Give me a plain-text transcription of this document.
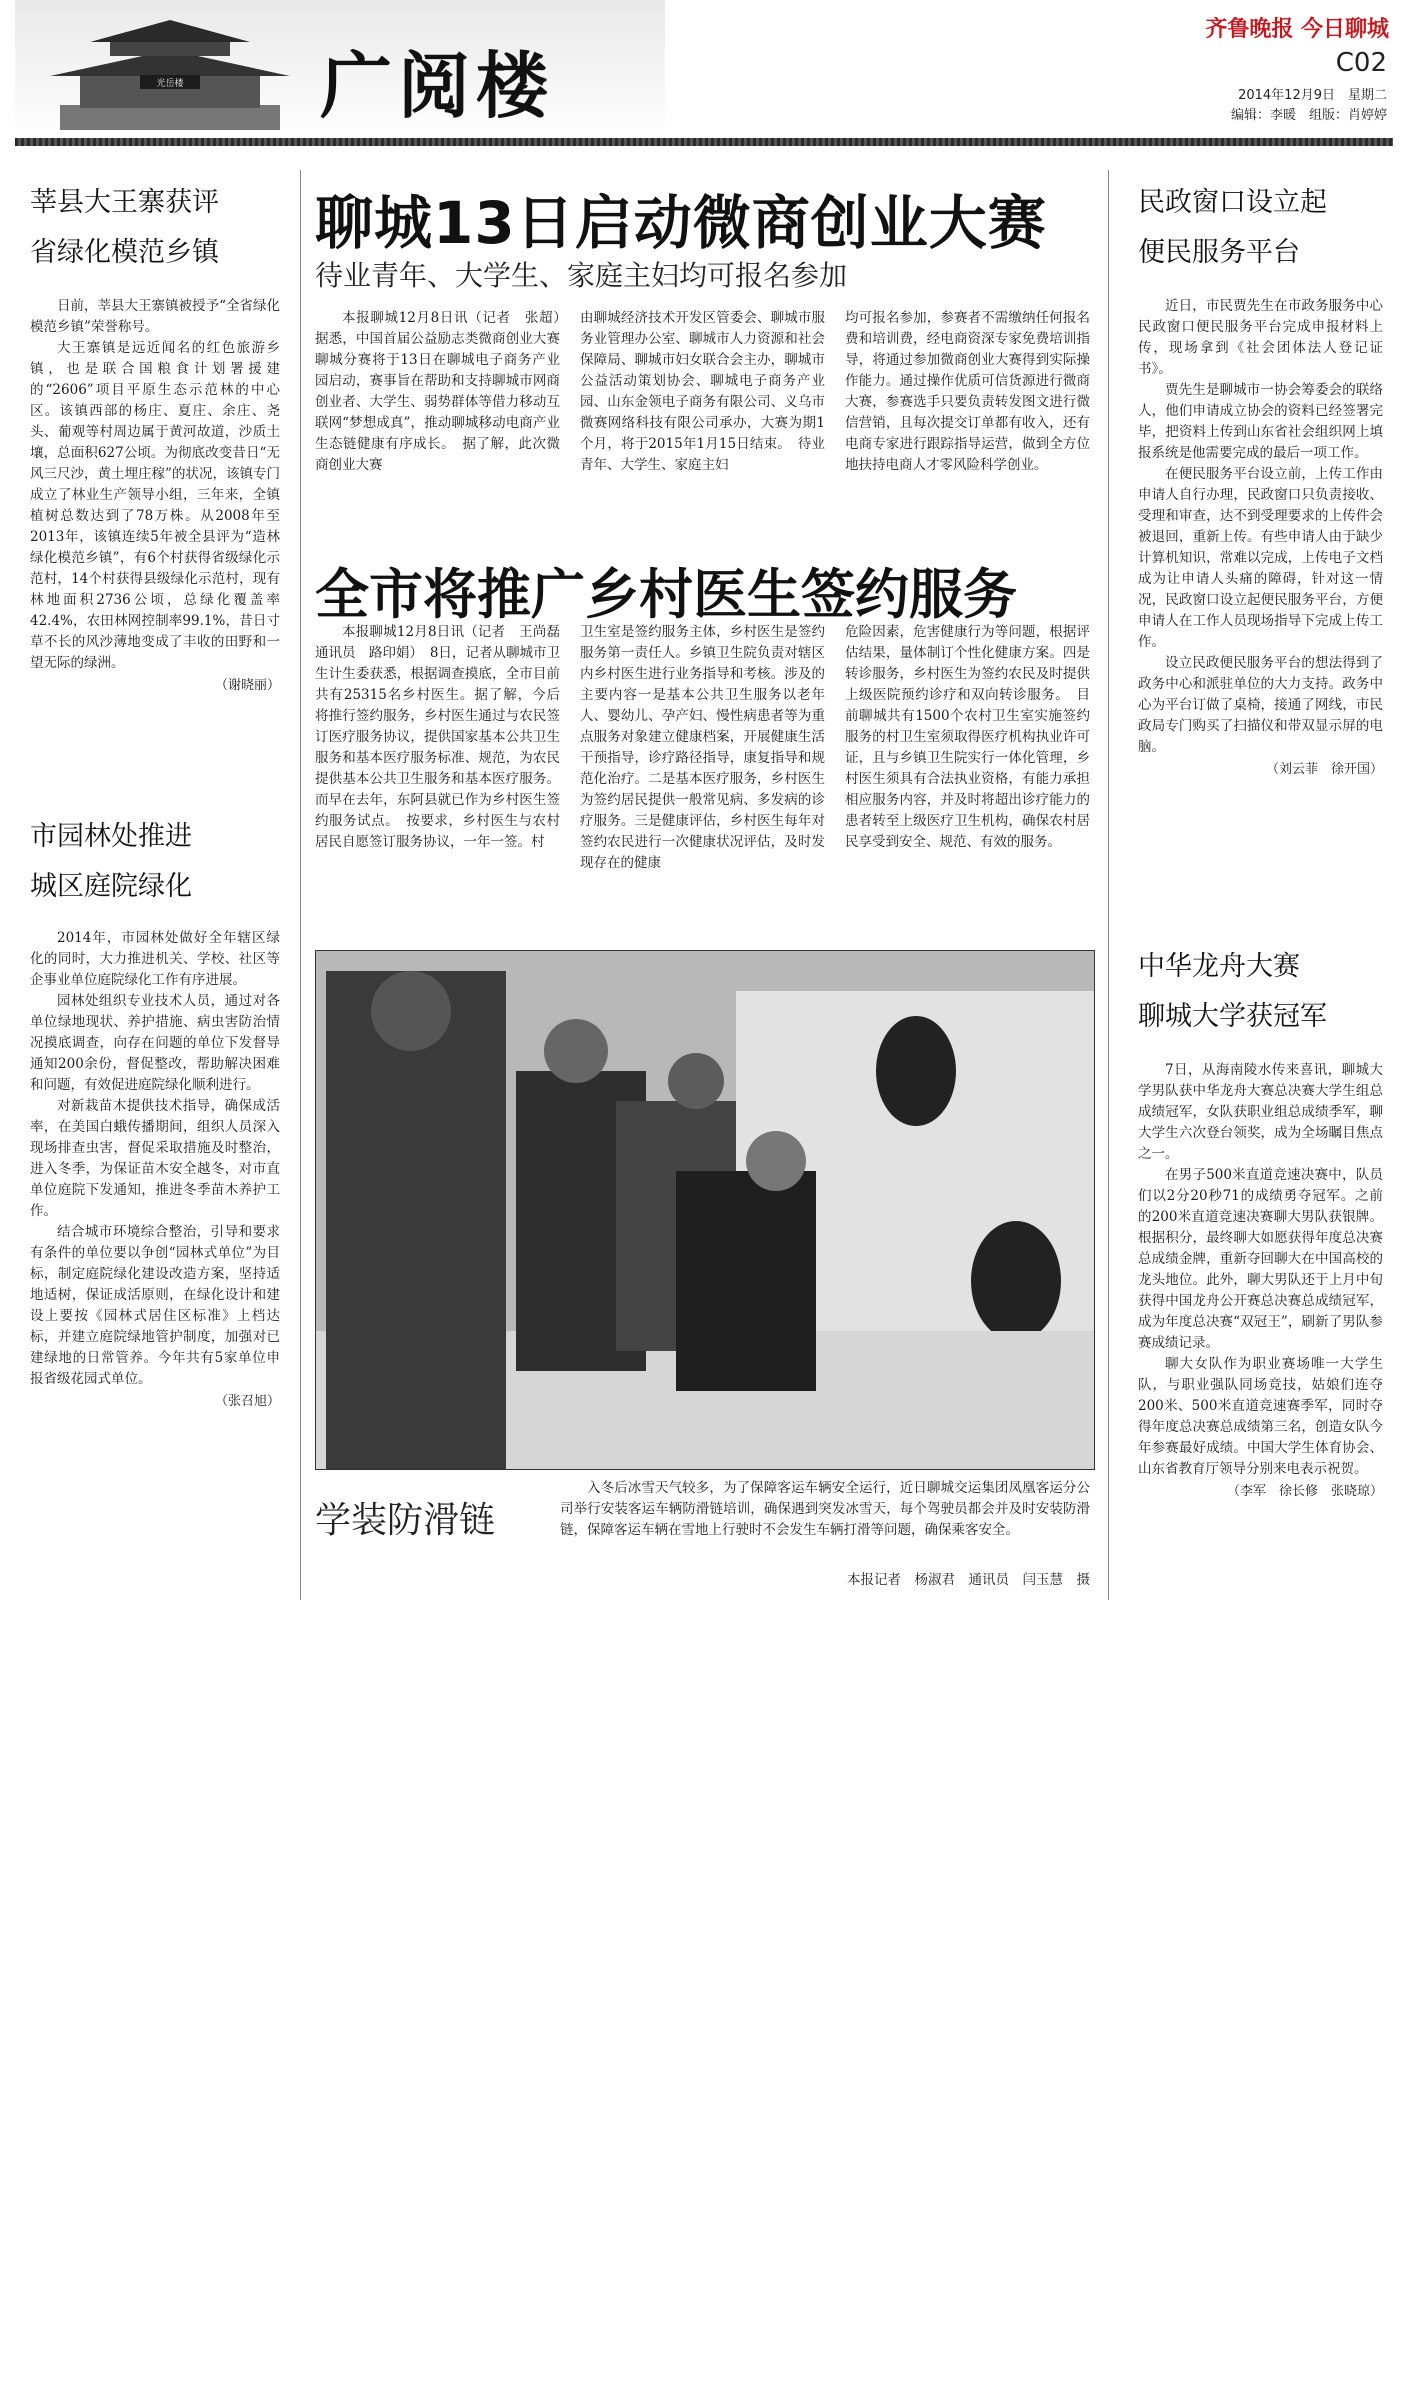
光岳楼 广阅楼
齐鲁晚报 今日聊城
C02
2014年12月9日　星期二
编辑：李暖　组版：肖婷婷
莘县大王寨获评
省绿化模范乡镇

日前，莘县大王寨镇被授予“全省绿化模范乡镇”荣誉称号。

大王寨镇是远近闻名的红色旅游乡镇，也是联合国粮食计划署援建的“2606”项目平原生态示范林的中心区。该镇西部的杨庄、夏庄、余庄、尧头、葡观等村周边属于黄河故道，沙质土壤，总面积627公顷。为彻底改变昔日“无风三尺沙，黄土埋庄稼”的状况，该镇专门成立了林业生产领导小组，三年来，全镇植树总数达到了78万株。从2008年至2013年，该镇连续5年被全县评为“造林绿化模范乡镇”，有6个村获得省级绿化示范村，14个村获得县级绿化示范村，现有林地面积2736公顷，总绿化覆盖率42.4%，农田林网控制率99.1%，昔日寸草不长的风沙薄地变成了丰收的田野和一望无际的绿洲。

（谢晓丽）
市园林处推进
城区庭院绿化

2014年，市园林处做好全年辖区绿化的同时，大力推进机关、学校、社区等企事业单位庭院绿化工作有序进展。

园林处组织专业技术人员，通过对各单位绿地现状、养护措施、病虫害防治情况摸底调查，向存在问题的单位下发督导通知200余份，督促整改，帮助解决困难和问题，有效促进庭院绿化顺利进行。

对新栽苗木提供技术指导，确保成活率，在美国白蛾传播期间，组织人员深入现场排查虫害，督促采取措施及时整治，进入冬季，为保证苗木安全越冬，对市直单位庭院下发通知，推进冬季苗木养护工作。

结合城市环境综合整治，引导和要求有条件的单位要以争创“园林式单位”为目标，制定庭院绿化建设改造方案，坚持适地适树，保证成活原则，在绿化设计和建设上要按《园林式居住区标准》上档达标，并建立庭院绿地管护制度，加强对已建绿地的日常管养。今年共有5家单位申报省级花园式单位。

（张召旭）
聊城13日启动微商创业大赛
待业青年、大学生、家庭主妇均可报名参加

本报聊城12月8日讯（记者　张超）　据悉，中国首届公益励志类微商创业大赛聊城分赛将于13日在聊城电子商务产业园启动，赛事旨在帮助和支持聊城市网商创业者、大学生、弱势群体等借力移动互联网“梦想成真”，推动聊城移动电商产业生态链健康有序成长。　据了解，此次微商创业大赛

由聊城经济技术开发区管委会、聊城市服务业管理办公室、聊城市人力资源和社会保障局、聊城市妇女联合会主办，聊城市公益活动策划协会、聊城电子商务产业园、山东金领电子商务有限公司、义乌市微赛网络科技有限公司承办，大赛为期1个月，将于2015年1月15日结束。　待业青年、大学生、家庭主妇

均可报名参加，参赛者不需缴纳任何报名费和培训费，经电商资深专家免费培训指导，将通过参加微商创业大赛得到实际操作能力。通过操作优质可信货源进行微商大赛，参赛选手只要负责转发图文进行微信营销，且每次提交订单都有收入，还有电商专家进行跟踪指导运营，做到全方位地扶持电商人才零风险科学创业。

全市将推广乡村医生签约服务

本报聊城12月8日讯（记者　王尚磊　通讯员　路印娟）　8日，记者从聊城市卫生计生委获悉，根据调查摸底，全市目前共有25315名乡村医生。据了解，今后将推行签约服务，乡村医生通过与农民签订医疗服务协议，提供国家基本公共卫生服务和基本医疗服务标准、规范，为农民提供基本公共卫生服务和基本医疗服务。而早在去年，东阿县就已作为乡村医生签约服务试点。　按要求，乡村医生与农村居民自愿签订服务协议，一年一签。村

卫生室是签约服务主体，乡村医生是签约服务第一责任人。乡镇卫生院负责对辖区内乡村医生进行业务指导和考核。涉及的主要内容一是基本公共卫生服务以老年人、婴幼儿、孕产妇、慢性病患者等为重点服务对象建立健康档案，开展健康生活干预指导，诊疗路径指导，康复指导和规范化治疗。二是基本医疗服务，乡村医生为签约居民提供一般常见病、多发病的诊疗服务。三是健康评估，乡村医生每年对签约农民进行一次健康状况评估，及时发现存在的健康

危险因素，危害健康行为等问题，根据评估结果，量体制订个性化健康方案。四是转诊服务，乡村医生为签约农民及时提供上级医院预约诊疗和双向转诊服务。　目前聊城共有1500个农村卫生室实施签约服务的村卫生室须取得医疗机构执业许可证，且与乡镇卫生院实行一体化管理，乡村医生须具有合法执业资格，有能力承担相应服务内容，并及时将超出诊疗能力的患者转至上级医疗卫生机构，确保农村居民享受到安全、规范、有效的服务。

学装防滑链
入冬后冰雪天气较多，为了保障客运车辆安全运行，近日聊城交运集团凤凰客运分公司举行安装客运车辆防滑链培训，确保遇到突发冰雪天，每个驾驶员都会并及时安装防滑链，保障客运车辆在雪地上行驶时不会发生车辆打滑等问题，确保乘客安全。
本报记者　杨淑君　通讯员　闫玉慧　摄
民政窗口设立起
便民服务平台

近日，市民贾先生在市政务服务中心民政窗口便民服务平台完成申报材料上传，现场拿到《社会团体法人登记证书》。

贾先生是聊城市一协会筹委会的联络人，他们申请成立协会的资料已经签署完毕，把资料上传到山东省社会组织网上填报系统是他需要完成的最后一项工作。

在便民服务平台设立前，上传工作由申请人自行办理，民政窗口只负责接收、受理和审查，达不到受理要求的上传件会被退回，重新上传。有些申请人由于缺少计算机知识，常难以完成，上传电子文档成为让申请人头痛的障碍，针对这一情况，民政窗口设立起便民服务平台，方便申请人在工作人员现场指导下完成上传工作。

设立民政便民服务平台的想法得到了政务中心和派驻单位的大力支持。政务中心为平台订做了桌椅，接通了网线，市民政局专门购买了扫描仪和带双显示屏的电脑。

（刘云菲　徐开国）
中华龙舟大赛
聊城大学获冠军

7日，从海南陵水传来喜讯，聊城大学男队获中华龙舟大赛总决赛大学生组总成绩冠军，女队获职业组总成绩季军，聊大学生六次登台领奖，成为全场瞩目焦点之一。

在男子500米直道竞速决赛中，队员们以2分20秒71的成绩勇夺冠军。之前的200米直道竞速决赛聊大男队获银牌。根据积分，最终聊大如愿获得年度总决赛总成绩金牌，重新夺回聊大在中国高校的龙头地位。此外，聊大男队还于上月中旬获得中国龙舟公开赛总决赛总成绩冠军，成为年度总决赛“双冠王”，刷新了男队参赛成绩记录。

聊大女队作为职业赛场唯一大学生队，与职业强队同场竞技，姑娘们连夺200米、500米直道竞速赛季军，同时夺得年度总决赛总成绩第三名，创造女队今年参赛最好成绩。中国大学生体育协会、山东省教育厅领导分别来电表示祝贺。

（李军　徐长修　张晓琼）
